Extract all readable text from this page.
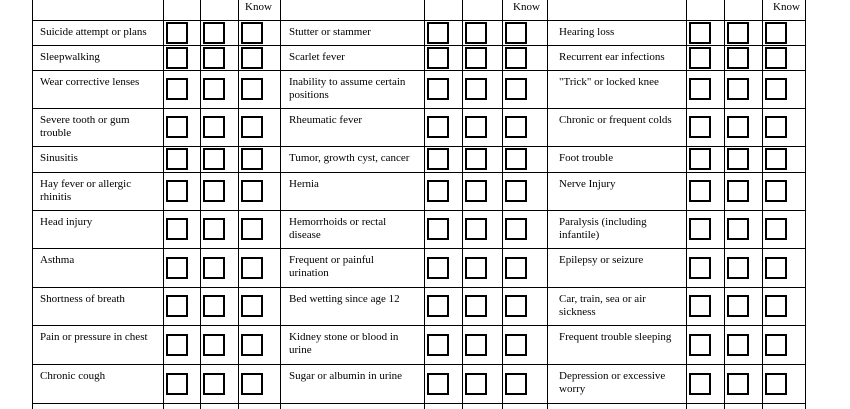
Know	Know	Know
Suicide attempt or plans
Sleepwalking
Wear corrective lenses
Severe tooth or gum
trouble
Sinusitis
Hay fever or allergic
rhinitis
Head injury
Asthma
Shortness of breath
Pain or pressure in chest
Chronic cough
Stutter or stammer
Scarlet fever
Inability to assume certain
positions
Rheumatic fever
Tumor, growth cyst, cancer
Hernia
Hemorrhoids or rectal
disease
Frequent or painful
urination
Bed wetting since age 12
Kidney stone or blood in
urine
Sugar or albumin in urine
Hearing loss
Recurrent ear infections
"Trick" or locked knee
Chronic or frequent colds
Foot trouble
Nerve Injury
Paralysis (including
infantile)
Epilepsy or seizure
Car, train, sea or air
sickness
Frequent trouble sleeping
Depression or excessive
worry
